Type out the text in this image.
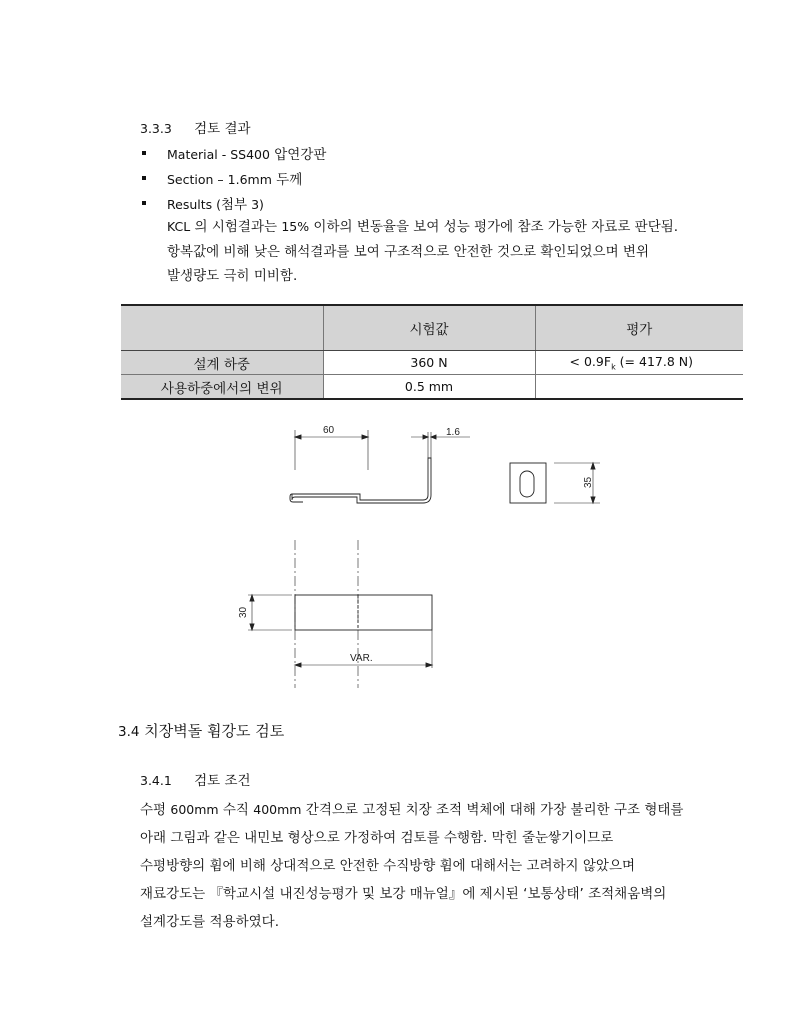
3.3.3 검토 결과
Material - SS400 압연강판
Section – 1.6mm 두께
Results (첨부 3)
KCL 의 시험결과는 15% 이하의 변동율을 보여 성능 평가에 참조 가능한 자료로 판단됨.
항복값에 비해 낮은 해석결과를 보여 구조적으로 안전한 것으로 확인되었으며 변위
발생량도 극히 미비함.
	시험값	평가
설계 하중	360 N	< $0.9F_k$ (= 417.8 N)
사용하중에서의 변위	0.5 mm	
60	1.6
35
30
VAR.
3.4 치장벽돌 휨강도 검토
3.4.1 검토 조건
수평 600mm 수직 400mm 간격으로 고정된 치장 조적 벽체에 대해 가장 불리한 구조 형태를
아래 그림과 같은 내민보 형상으로 가정하여 검토를 수행함. 막힌 줄눈쌓기이므로
수평방향의 휨에 비해 상대적으로 안전한 수직방향 휨에 대해서는 고려하지 않았으며
재료강도는 『학교시설 내진성능평가 및 보강 매뉴얼』에 제시된 ‘보통상태’ 조적채움벽의
설계강도를 적용하였다.
